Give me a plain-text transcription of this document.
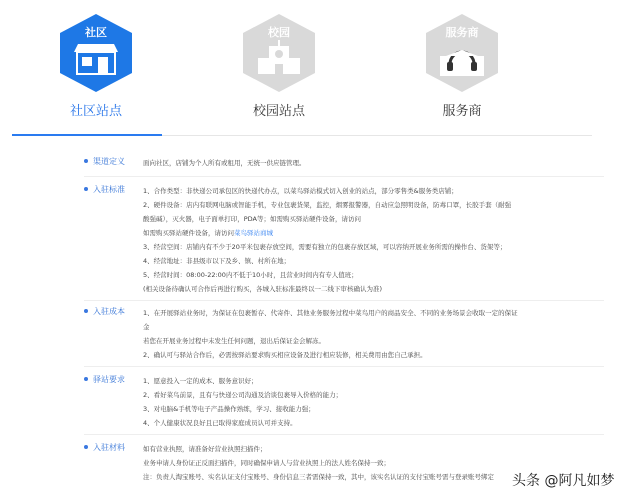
社区
社区站点
校园
校园站点
服务商
服务商
渠道定义	面向社区，店铺为个人所有或租用，无统一供应链管理。
入驻标准	1、合作类型：非快递公司承包区的快递代办点，以菜鸟驿站模式切入创业的站点，部分零售类&服务类店铺；
2、硬件设备：店内有联网电脑或智能手机，专业包裹货架，监控，烟雾报警器，自动应急照明设备，防毒口罩，长胶手套（耐强
酸强碱），灭火器，电子面单打印，PDA等；如需购买驿站硬件设备，请访问
如需购买驿站硬件设备，请访问菜鸟驿站商城
3、经营空间：店铺内有不少于20平米包裹存放空间，需要有独立的包裹存放区域，可以容纳开展业务所需的操作台、货架等；
4、经营地址：非县级市以下及乡、镇、村所在地；
5、经营时间：08:00-22:00内不低于10小时，且营业时间内有专人值班；
(相关设备待确认可合作后再进行购买，各城入驻标准最终以一二线下审核确认为准)
入驻成本	1、在开展驿站业务时，为保证在包裹暂存、代寄件、其他业务服务过程中菜鸟用户的商品安全、不同的业务场景会收取一定的保证
金
若您在开展业务过程中未发生任何问题，退出后保证金会解冻。
2、确认可与驿站合作后，必需按驿站要求购买相应设备及进行相应装修，相关费用由您自己承担。
驿站要求	1、愿意投入一定的成本、服务意识好；
2、看好菜鸟前景，且有与快递公司沟通及洽谈包裹导入价格的能力；
3、对电脑&手机等电子产品操作熟练，学习、接收能力强；
4、个人健康状况良好且已取得家庭成员认可并支持。
入驻材料	如有营业执照，请准备好营业执照扫描件；
业务申请人身份证正反面扫描件，同时确保申请人与营业执照上的法人姓名保持一致；
注：负责人淘宝账号、实名认证支付宝账号、身份信息三者需保持一致，其中，该实名认证的支付宝账号需与登录账号绑定	头条 @阿凡如梦
